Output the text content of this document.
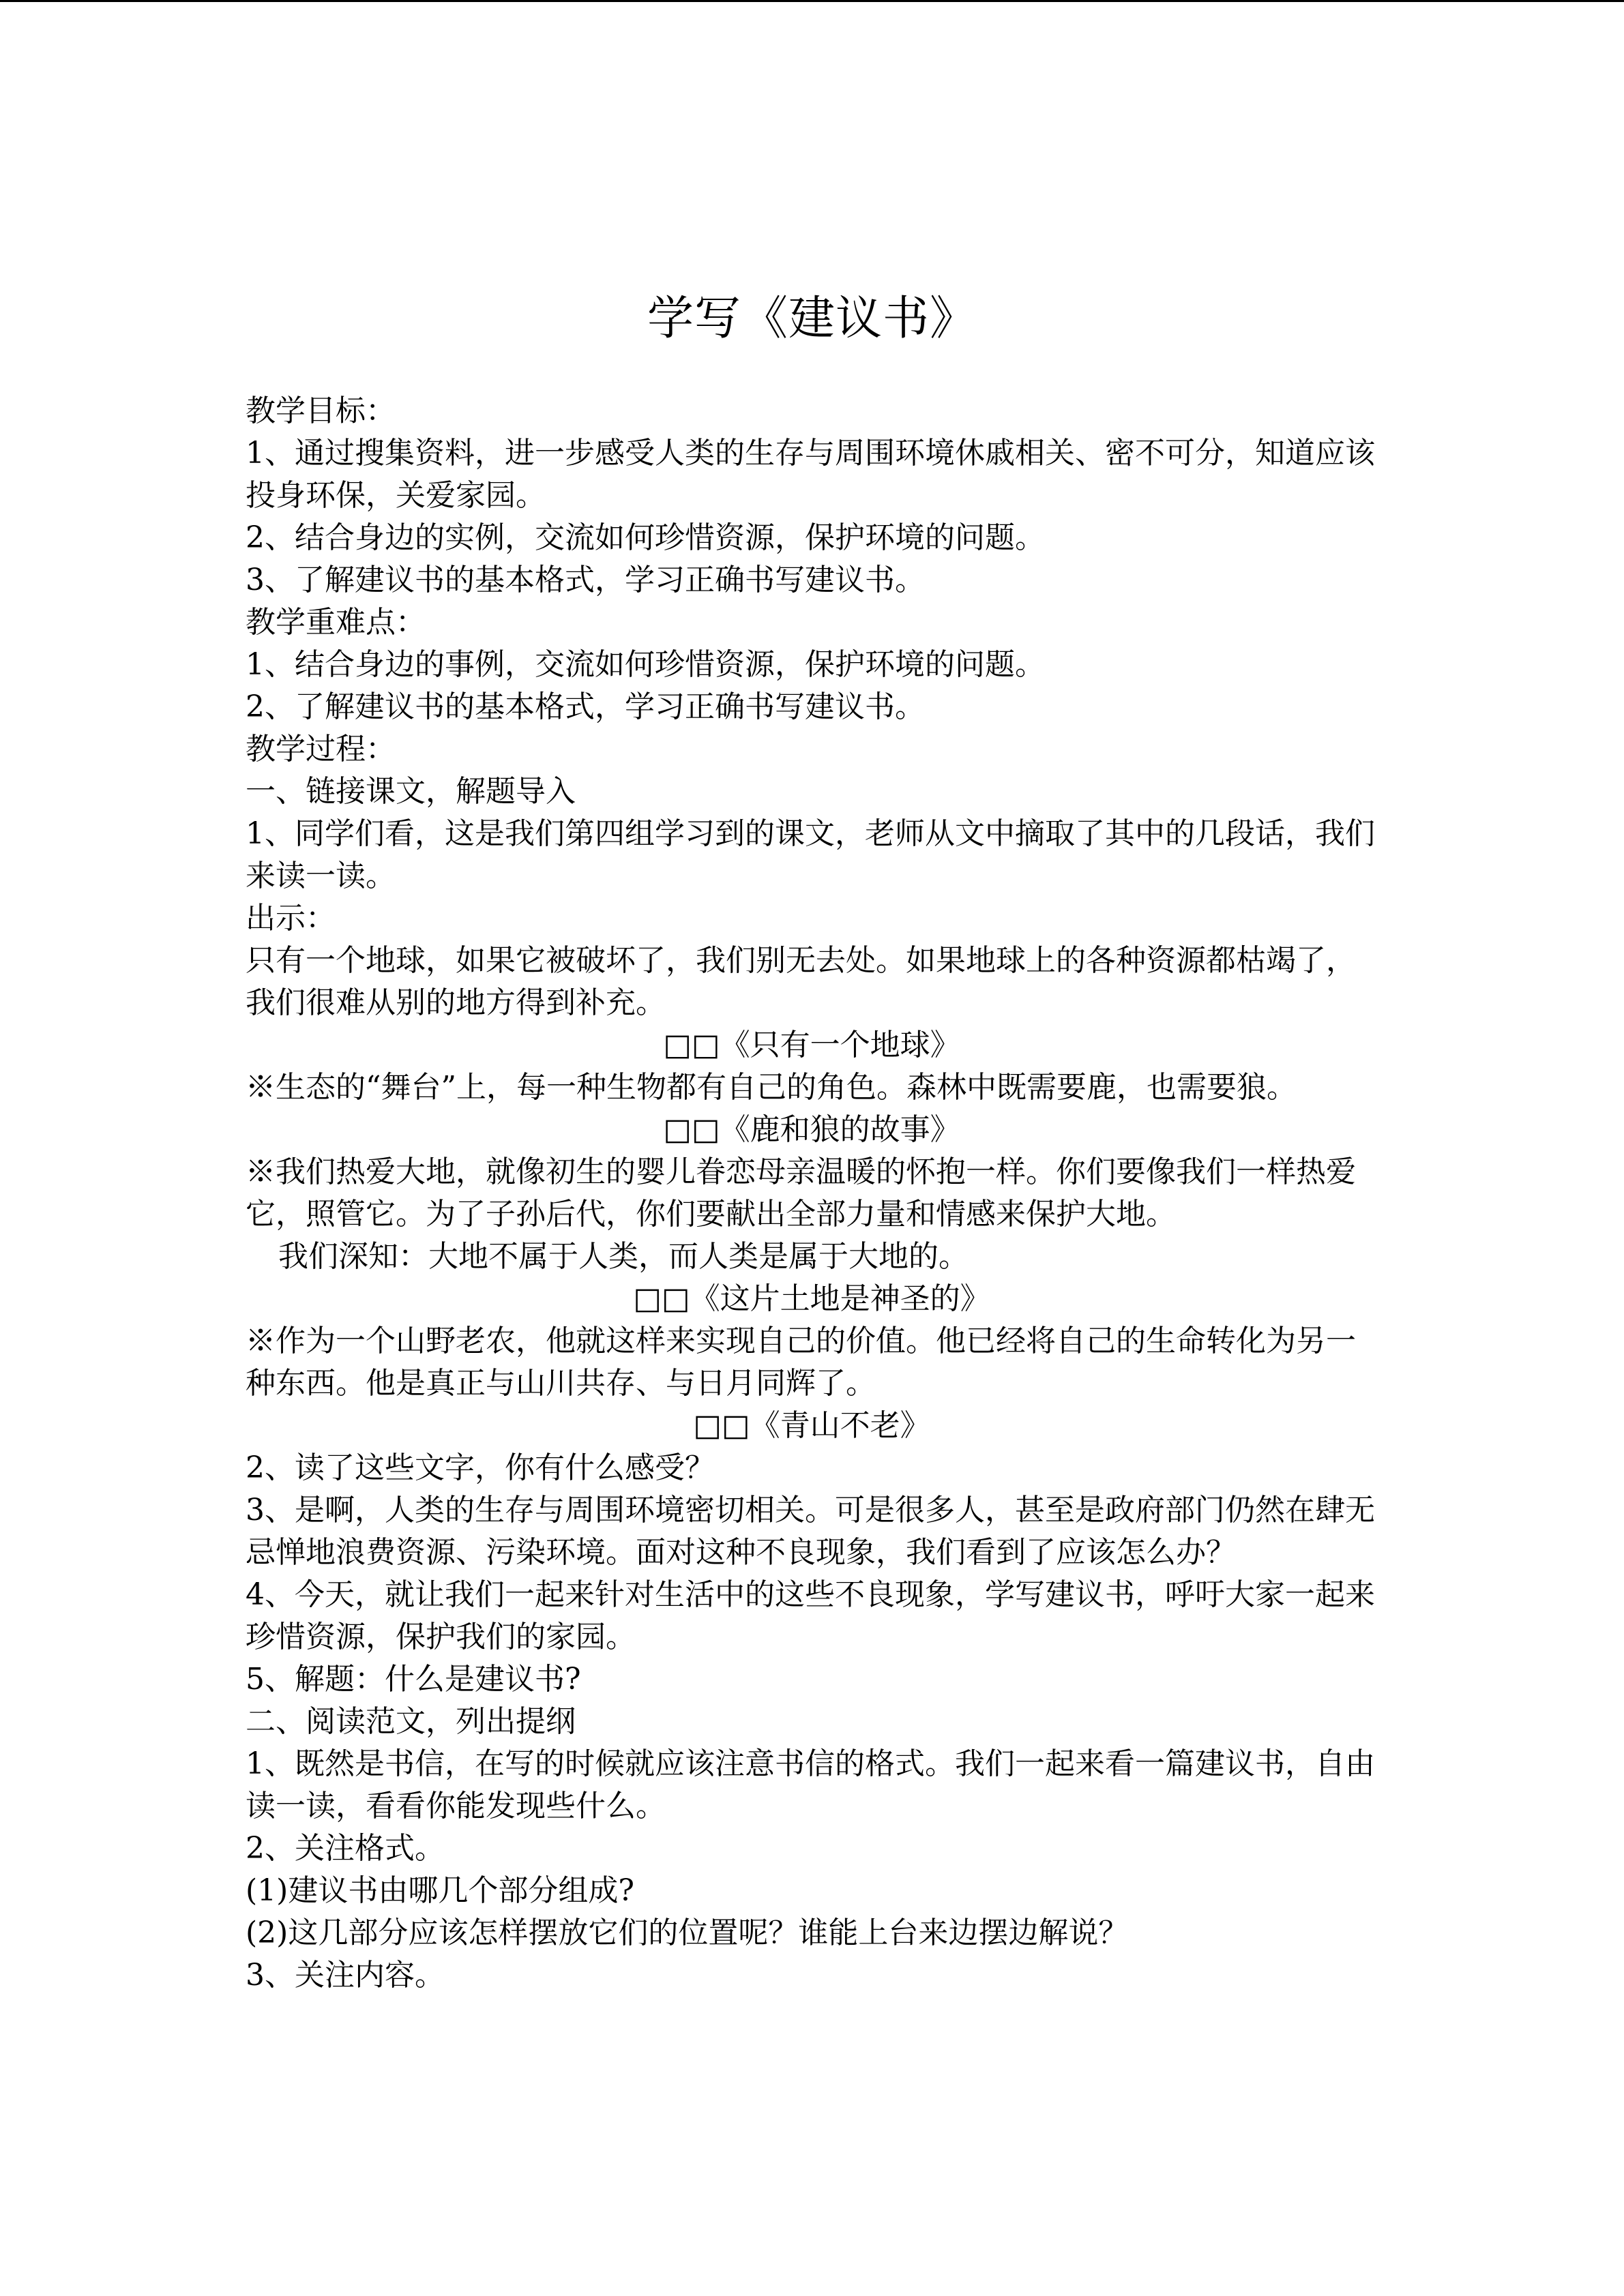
学写《建议书》

教学目标：

1、通过搜集资料，进一步感受人类的生存与周围环境休戚相关、密不可分，知道应该投身环保，关爱家园。

2、结合身边的实例，交流如何珍惜资源，保护环境的问题。

3、了解建议书的基本格式，学习正确书写建议书。

教学重难点：

1、结合身边的事例，交流如何珍惜资源，保护环境的问题。

2、了解建议书的基本格式，学习正确书写建议书。

教学过程：

一、链接课文，解题导入

1、同学们看，这是我们第四组学习到的课文，老师从文中摘取了其中的几段话，我们来读一读。

出示：

只有一个地球，如果它被破坏了，我们别无去处。如果地球上的各种资源都枯竭了，我们很难从别的地方得到补充。

□□《只有一个地球》

※生态的“舞台”上，每一种生物都有自己的角色。森林中既需要鹿，也需要狼。

□□《鹿和狼的故事》

※我们热爱大地，就像初生的婴儿眷恋母亲温暖的怀抱一样。你们要像我们一样热爱它，照管它。为了子孙后代，你们要献出全部力量和情感来保护大地。

我们深知：大地不属于人类，而人类是属于大地的。

□□《这片土地是神圣的》

※作为一个山野老农，他就这样来实现自己的价值。他已经将自己的生命转化为另一种东西。他是真正与山川共存、与日月同辉了。

□□《青山不老》

2、读了这些文字，你有什么感受？

3、是啊，人类的生存与周围环境密切相关。可是很多人，甚至是政府部门仍然在肆无忌惮地浪费资源、污染环境。面对这种不良现象，我们看到了应该怎么办？

4、今天，就让我们一起来针对生活中的这些不良现象，学写建议书，呼吁大家一起来珍惜资源，保护我们的家园。

5、解题：什么是建议书?

二、阅读范文，列出提纲

1、既然是书信，在写的时候就应该注意书信的格式。我们一起来看一篇建议书，自由读一读，看看你能发现些什么。

2、关注格式。

(1)建议书由哪几个部分组成?

(2)这几部分应该怎样摆放它们的位置呢？谁能上台来边摆边解说？

3、关注内容。
